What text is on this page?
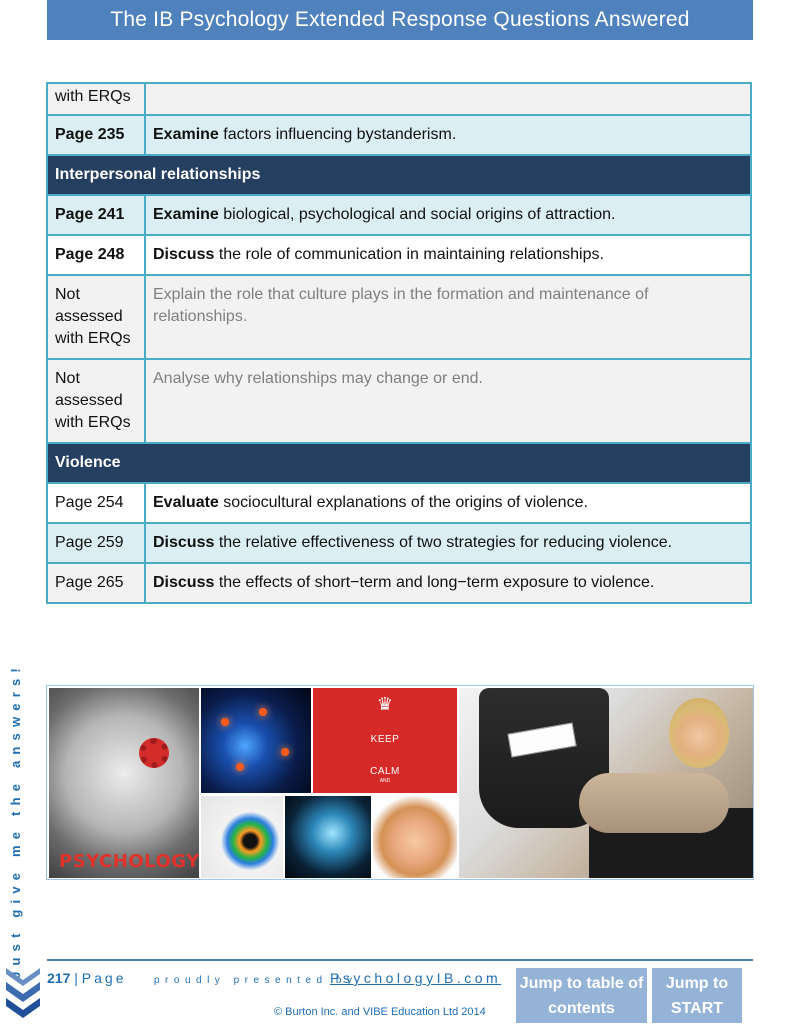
The IB Psychology Extended Response Questions Answered
with ERQs	
Page 235	Examine factors influencing bystanderism.
Interpersonal relationships	
Page 241	Examine biological, psychological and social origins of attraction.
Page 248	Discuss the role of communication in maintaining relationships.
Not assessed with ERQs	Explain the role that culture plays in the formation and maintenance of relationships.
Not assessed with ERQs	Analyse why relationships may change or end.
Violence	
Page 254	Evaluate sociocultural explanations of the origins of violence.
Page 259	Discuss the relative effectiveness of two strategies for reducing violence.
Page 265	Discuss the effects of short−term and long−term exposure to violence.
Just give me the answers! PSYCHOLOGY
♛
KEEP
CALM
AND
217 | Page	proudly presented by
PsychologyIB.com
© Burton Inc. and VIBE Education Ltd 2014
Jump to table of contents
Jump to START
